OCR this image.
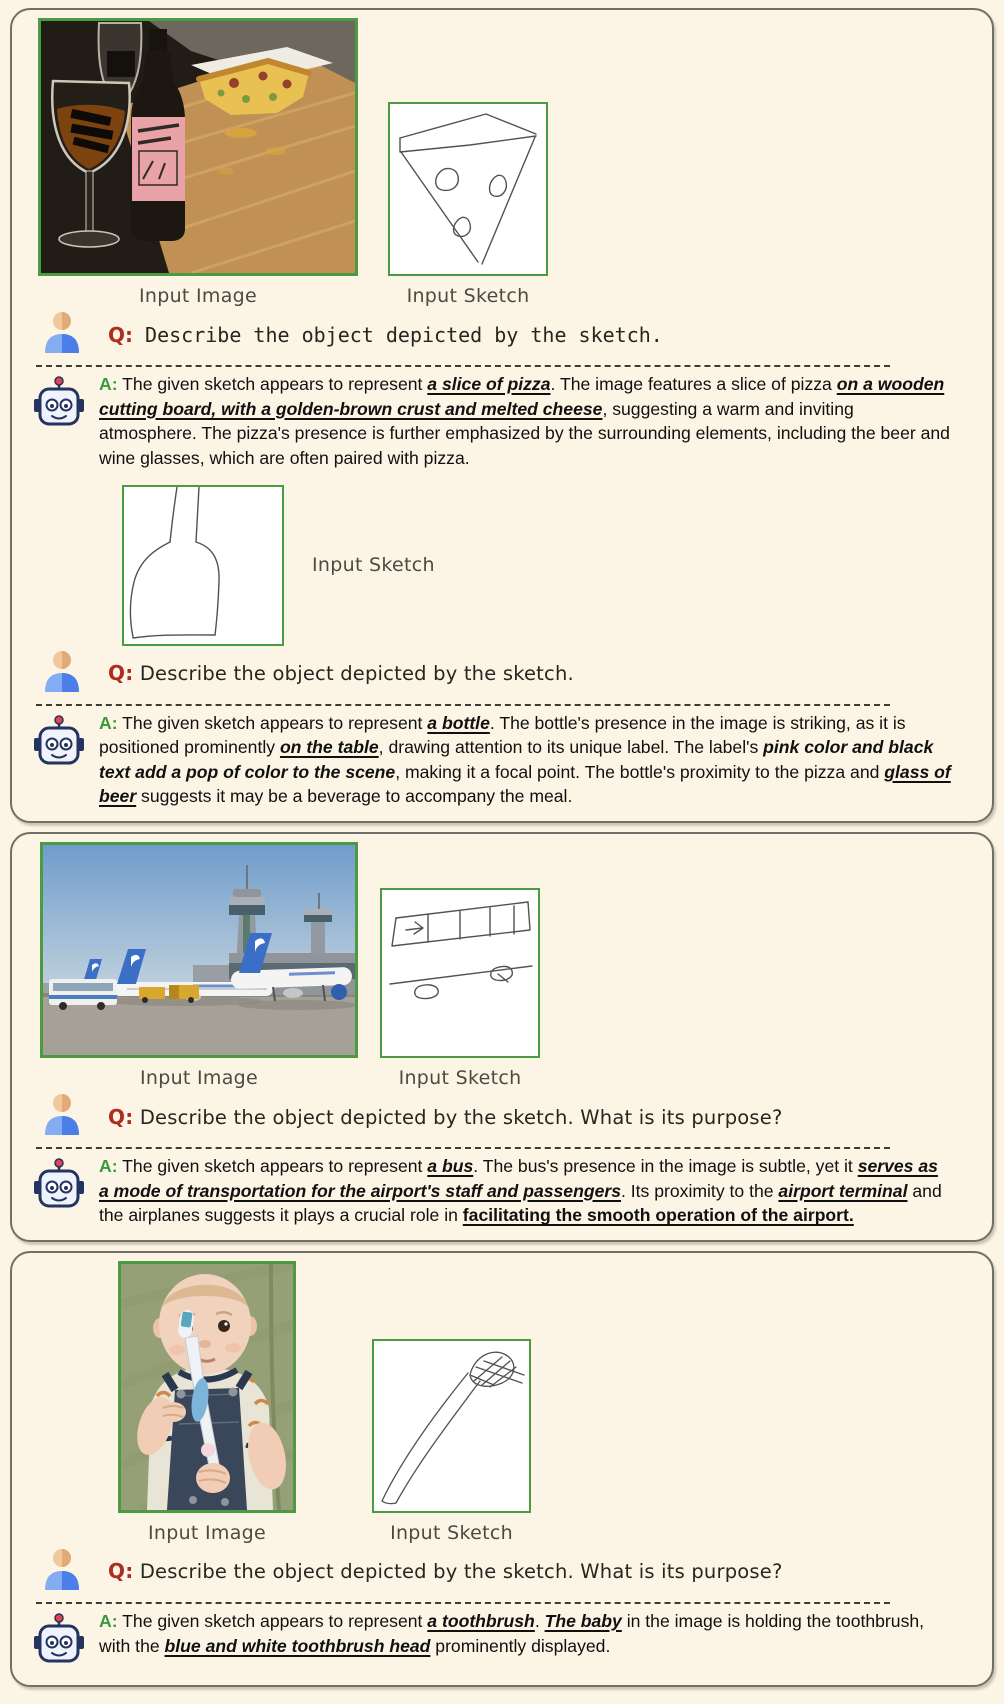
Input Image	Input Sketch

Q: Describe the object depicted by the sketch.

A: The given sketch appears to represent a slice of pizza. The image features a slice of pizza on a wooden cutting board, with a golden-brown crust and melted cheese, suggesting a warm and inviting atmosphere. The pizza's presence is further emphasized by the surrounding elements, including the beer and wine glasses, which are often paired with pizza.

Input Sketch

Q: Describe the object depicted by the sketch.

A: The given sketch appears to represent a bottle. The bottle's presence in the image is striking, as it is positioned prominently on the table, drawing attention to its unique label. The label's pink color and black text add a pop of color to the scene, making it a focal point. The bottle's proximity to the pizza and glass of beer suggests it may be a beverage to accompany the meal.

Input Image	Input Sketch

Q: Describe the object depicted by the sketch. What is its purpose?

A: The given sketch appears to represent a bus. The bus's presence in the image is subtle, yet it serves as a mode of transportation for the airport's staff and passengers. Its proximity to the airport terminal and the airplanes suggests it plays a crucial role in facilitating the smooth operation of the airport.

Input Image	Input Sketch

Q: Describe the object depicted by the sketch. What is its purpose?

A: The given sketch appears to represent a toothbrush. The baby in the image is holding the toothbrush, with the blue and white toothbrush head prominently displayed.
